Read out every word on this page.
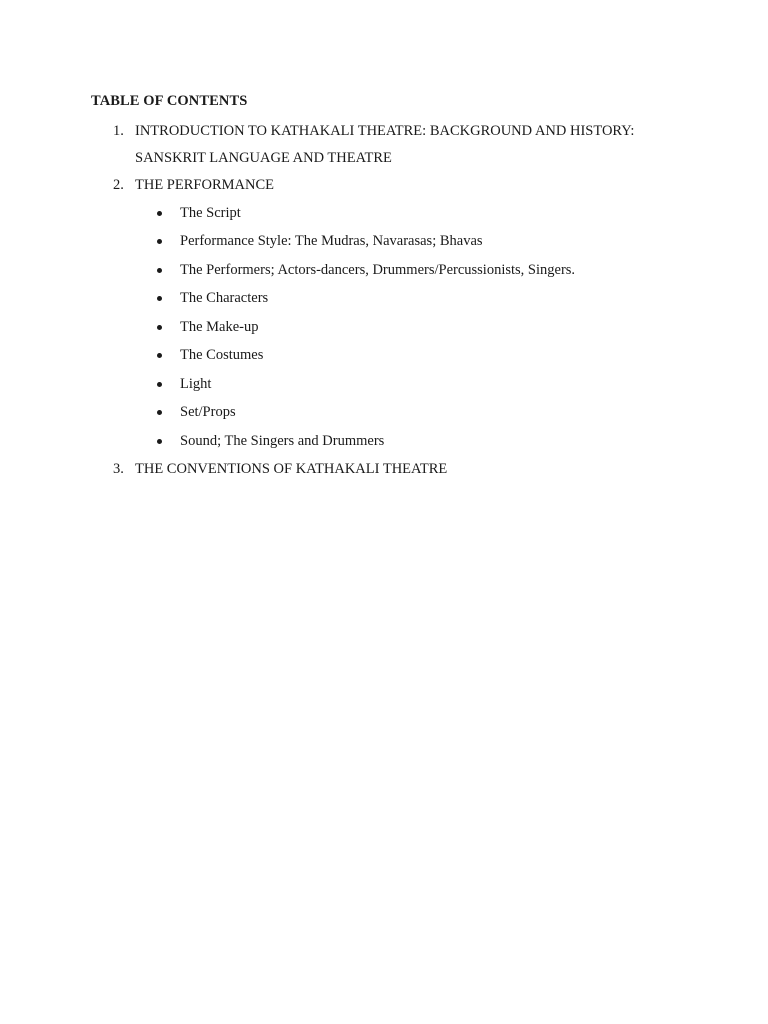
TABLE OF CONTENTS
1. INTRODUCTION TO KATHAKALI THEATRE: BACKGROUND AND HISTORY:
SANSKRIT LANGUAGE AND THEATRE
2. THE PERFORMANCE
The Script
Performance Style: The Mudras, Navarasas; Bhavas
The Performers; Actors-dancers, Drummers/Percussionists, Singers.
The Characters
The Make-up
The Costumes
Light
Set/Props
Sound; The Singers and Drummers
3. THE CONVENTIONS OF KATHAKALI THEATRE
